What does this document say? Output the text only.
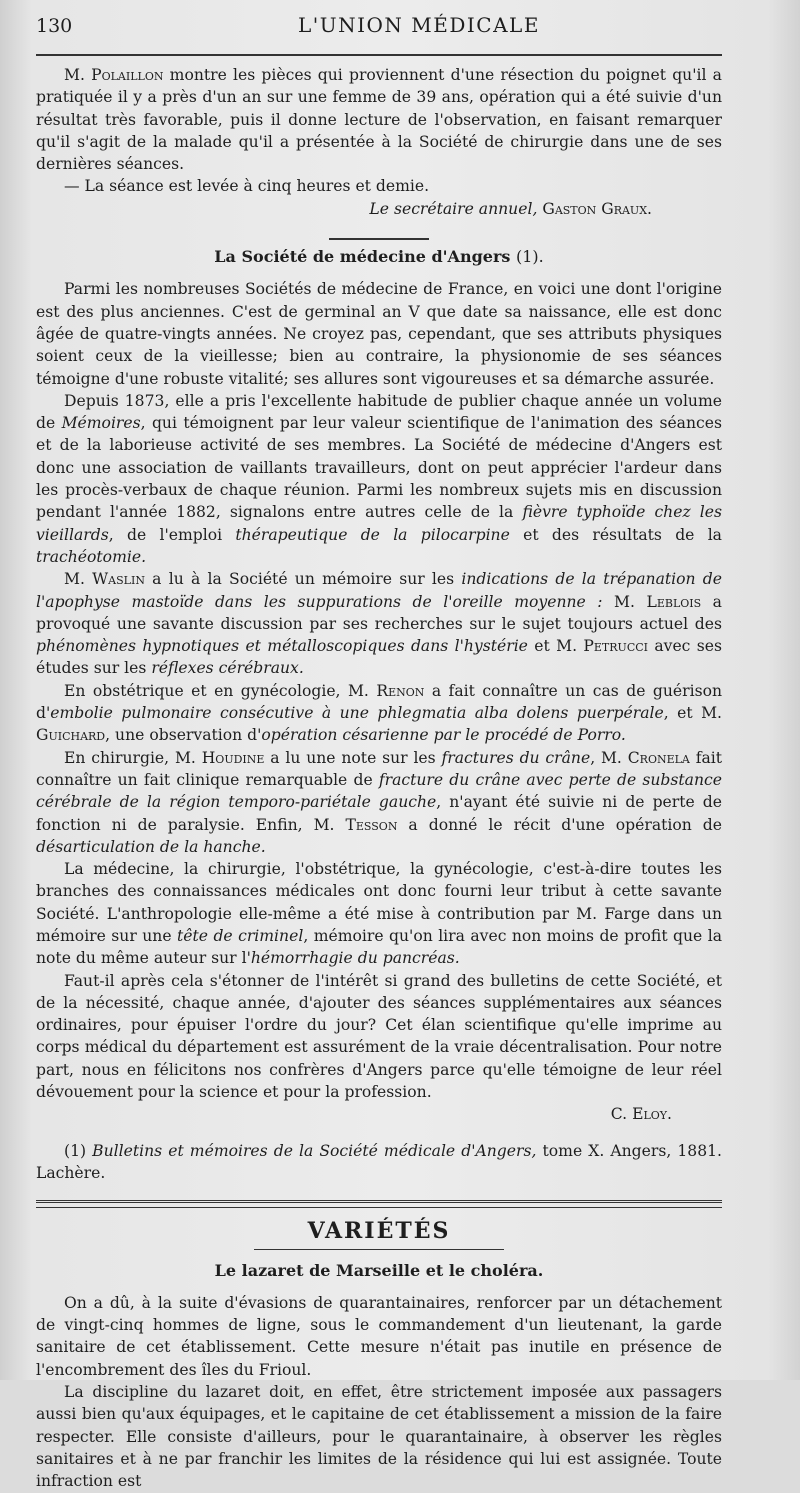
130	L'UNION MÉDICALE

M. Polaillon montre les pièces qui proviennent d'une résection du poignet qu'il a pratiquée il y a près d'un an sur une femme de 39 ans, opération qui a été suivie d'un résultat très favorable, puis il donne lecture de l'observation, en faisant remarquer qu'il s'agit de la malade qu'il a présentée à la Société de chirurgie dans une de ses dernières séances.

— La séance est levée à cinq heures et demie.

Le secrétaire annuel, Gaston Graux.

La Société de médecine d'Angers (1).

Parmi les nombreuses Sociétés de médecine de France, en voici une dont l'origine est des plus anciennes. C'est de germinal an V que date sa naissance, elle est donc âgée de quatre-vingts années. Ne croyez pas, cependant, que ses attributs physiques soient ceux de la vieillesse; bien au contraire, la physionomie de ses séances témoigne d'une robuste vitalité; ses allures sont vigoureuses et sa démarche assurée.

Depuis 1873, elle a pris l'excellente habitude de publier chaque année un volume de Mémoires, qui témoignent par leur valeur scientifique de l'animation des séances et de la laborieuse activité de ses membres. La Société de médecine d'Angers est donc une association de vaillants travailleurs, dont on peut apprécier l'ardeur dans les procès-verbaux de chaque réunion. Parmi les nombreux sujets mis en discussion pendant l'année 1882, signalons entre autres celle de la fièvre typhoïde chez les vieillards, de l'emploi thérapeutique de la pilocarpine et des résultats de la trachéotomie.

M. Waslin a lu à la Société un mémoire sur les indications de la trépanation de l'apophyse mastoïde dans les suppurations de l'oreille moyenne : M. Leblois a provoqué une savante discussion par ses recherches sur le sujet toujours actuel des phénomènes hypnotiques et métalloscopiques dans l'hystérie et M. Petrucci avec ses études sur les réflexes cérébraux.

En obstétrique et en gynécologie, M. Renon a fait connaître un cas de guérison d'embolie pulmonaire consécutive à une phlegmatia alba dolens puerpérale, et M. Guichard, une observation d'opération césarienne par le procédé de Porro.

En chirurgie, M. Houdine a lu une note sur les fractures du crâne, M. Cronela fait connaître un fait clinique remarquable de fracture du crâne avec perte de substance cérébrale de la région temporo-pariétale gauche, n'ayant été suivie ni de perte de fonction ni de paralysie. Enfin, M. Tesson a donné le récit d'une opération de désarticulation de la hanche.

La médecine, la chirurgie, l'obstétrique, la gynécologie, c'est-à-dire toutes les branches des connaissances médicales ont donc fourni leur tribut à cette savante Société. L'anthropologie elle-même a été mise à contribution par M. Farge dans un mémoire sur une tête de criminel, mémoire qu'on lira avec non moins de profit que la note du même auteur sur l'hémorrhagie du pancréas.

Faut-il après cela s'étonner de l'intérêt si grand des bulletins de cette Société, et de la nécessité, chaque année, d'ajouter des séances supplémentaires aux séances ordinaires, pour épuiser l'ordre du jour? Cet élan scientifique qu'elle imprime au corps médical du département est assurément de la vraie décentralisation. Pour notre part, nous en félicitons nos confrères d'Angers parce qu'elle témoigne de leur réel dévouement pour la science et pour la profession.

C. Eloy.

(1) Bulletins et mémoires de la Société médicale d'Angers, tome X. Angers, 1881. Lachère.

VARIÉTÉS
Le lazaret de Marseille et le choléra.

On a dû, à la suite d'évasions de quarantainaires, renforcer par un détachement de vingt-cinq hommes de ligne, sous le commandement d'un lieutenant, la garde sanitaire de cet établissement. Cette mesure n'était pas inutile en présence de l'encombrement des îles du Frioul.

La discipline du lazaret doit, en effet, être strictement imposée aux passagers aussi bien qu'aux équipages, et le capitaine de cet établissement a mission de la faire respecter. Elle consiste d'ailleurs, pour le quarantainaire, à observer les règles sanitaires et à ne par franchir les limites de la résidence qui lui est assignée. Toute infraction est
